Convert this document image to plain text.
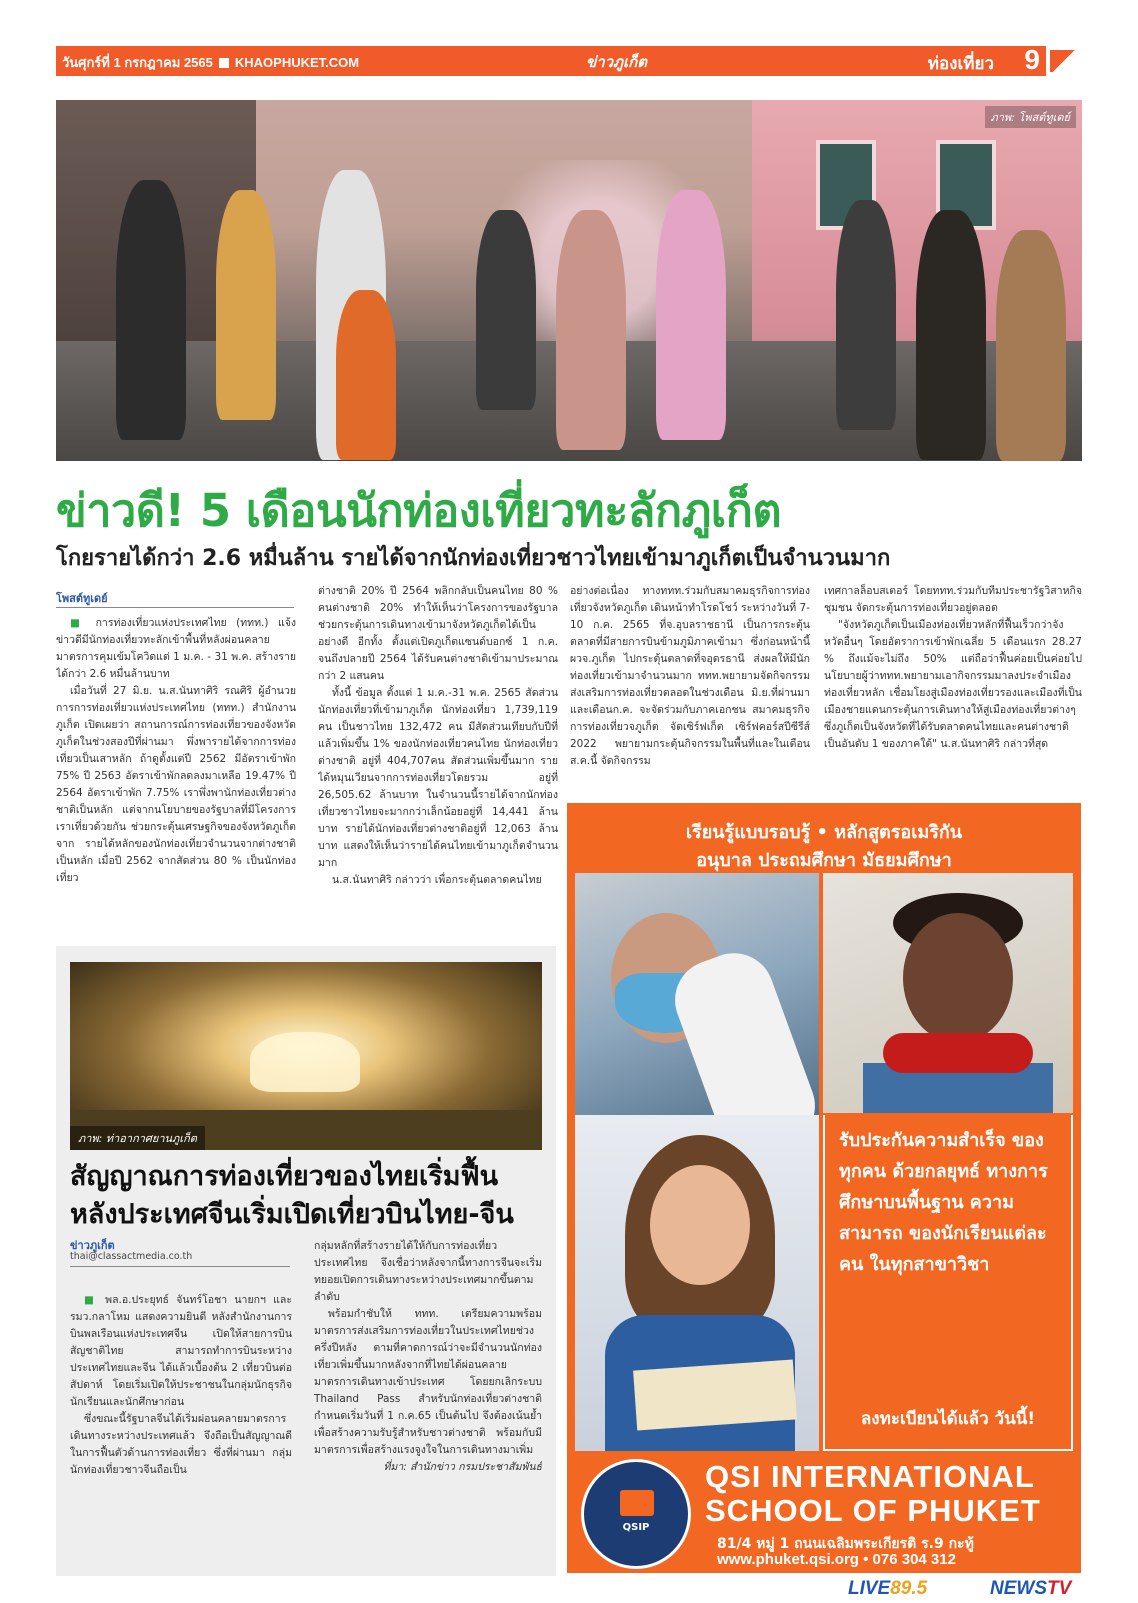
วันศุกร์ที่ 1 กรกฎาคม 2565 KHAOPHUKET.COM	ข่าวภูเก็ต	ท่องเที่ยว 9
ภาพ: โพสต์ทูเดย์
ข่าวดี! 5 เดือนนักท่องเที่ยวทะลักภูเก็ต
โกยรายได้กว่า 2.6 หมื่นล้าน รายได้จากนักท่องเที่ยวชาวไทยเข้ามาภูเก็ตเป็นจำนวนมาก
โพสต์ทูเดย์

■ การท่องเที่ยวแห่งประเทศไทย (ททท.) แจ้งข่าวดีมีนักท่องเที่ยวทะลักเข้าพื้นที่หลังผ่อนคลายมาตรการคุมเข้มโควิดแต่ 1 ม.ค. - 31 พ.ค. สร้างรายได้กว่า 2.6 หมื่นล้านบาท

เมื่อวันที่ 27 มิ.ย. น.ส.นันทาศิริ รณศิริ ผู้อำนวยการการท่องเที่ยวแห่งประเทศไทย (ททท.) สำนักงานภูเก็ต เปิดเผยว่า สถานการณ์การท่องเที่ยวของจังหวัดภูเก็ตในช่วงสองปีที่ผ่านมา พึ่งพารายได้จากการท่องเที่ยวเป็นเสาหลัก ถ้าดูตั้งแต่ปี 2562 มีอัตราเข้าพัก 75% ปี 2563 อัตราเข้าพักลดลงมาเหลือ 19.47% ปี 2564 อัตราเข้าพัก 7.75% เราพึ่งพานักท่องเที่ยวต่างชาติเป็นหลัก แต่จากนโยบายของรัฐบาลที่มีโครงการเราเที่ยวด้วยกัน ช่วยกระตุ้นเศรษฐกิจของจังหวัดภูเก็ตจาก รายได้หลักของนักท่องเที่ยวจำนวนจากต่างชาติเป็นหลัก เมื่อปี 2562 จากสัดส่วน 80 % เป็นนักท่องเที่ยว

ต่างชาติ 20% ปี 2564 พลิกกลับเป็นคนไทย 80 % คนต่างชาติ 20% ทำให้เห็นว่าโครงการของรัฐบาลช่วยกระตุ้นการเดินทางเข้ามาจังหวัดภูเก็ตได้เป็นอย่างดี อีกทั้ง ตั้งแต่เปิดภูเก็ตแซนด์บอกซ์ 1 ก.ค. จนถึงปลายปี 2564 ได้รับคนต่างชาติเข้ามาประมาณกว่า 2 แสนคน

ทั้งนี้ ข้อมูล ตั้งแต่ 1 ม.ค.-31 พ.ค. 2565 สัดส่วนนักท่องเที่ยวที่เข้ามาภูเก็ต นักท่องเที่ยว 1,739,119 คน เป็นชาวไทย 132,472 คน มีสัดส่วนเทียบกับปีที่แล้วเพิ่มขึ้น 1% ของนักท่องเที่ยวคนไทย นักท่องเที่ยวต่างชาติ อยู่ที่ 404,707คน สัดส่วนเพิ่มขึ้นมาก รายได้หมุนเวียนจากการท่องเที่ยวโดยรวม อยู่ที่ 26,505.62 ล้านบาท ในจำนวนนี้รายได้จากนักท่องเที่ยวชาวไทยจะมากกว่าเล็กน้อยอยู่ที่ 14,441 ล้านบาท รายได้นักท่องเที่ยวต่างชาติอยู่ที่ 12,063 ล้านบาท แสดงให้เห็นว่ารายได้คนไทยเข้ามาภูเก็ตจำนวนมาก

น.ส.นันทาศิริ กล่าวว่า เพื่อกระตุ้นตลาดคนไทย

อย่างต่อเนื่อง ทางททท.ร่วมกับสมาคมธุรกิจการท่องเที่ยวจังหวัดภูเก็ต เดินหน้าทำโรดโชว์ ระหว่างวันที่ 7-10 ก.ค. 2565 ที่จ.อุบลราชธานี เป็นการกระตุ้นตลาดที่มีสายการบินข้ามภูมิภาคเข้ามา ซึ่งก่อนหน้านี้ ผวจ.ภูเก็ต ไปกระตุ้นตลาดที่จอุดรธานี ส่งผลให้มีนักท่องเที่ยวเข้ามาจำนวนมาก ททท.พยายามจัดกิจกรรมส่งเสริมการท่องเที่ยวตลอดในช่วงเดือน มิ.ย.ที่ผ่านมา และเดือนก.ค. จะจัดร่วมกับภาคเอกชน สมาคมธุรกิจการท่องเที่ยวจภูเก็ต จัดเซิร์ฟเก็ต เซิร์ฟคอร์สปีซีรีส์ 2022 พยายามกระตุ้นกิจกรรมในพื้นที่และในเดือนส.ค.นี้ จัดกิจกรรม

เทศกาลล็อบสเตอร์ โดยททท.ร่วมกับทีมประชารัฐวิสาหกิจชุมชน จัดกระตุ้นการท่องเที่ยวอยู่ตลอด

"จังหวัดภูเก็ตเป็นเมืองท่องเที่ยวหลักที่ฟื้นเร็วกว่าจังหวัดอื่นๆ โดยอัตราการเข้าพักเฉลี่ย 5 เดือนแรก 28.27 % ถึงแม้จะไม่ถึง 50% แต่ถือว่าฟื้นค่อยเป็นค่อยไป นโยบายผู้ว่าททท.พยายามเอากิจกรรมมาลงประจำเมืองท่องเที่ยวหลัก เชื่อมโยงสู่เมืองท่องเที่ยวรองและเมืองที่เป็นเมืองชายแดนกระตุ้นการเดินทางให้สู่เมืองท่องเที่ยวต่างๆ ซึ่งภูเก็ตเป็นจังหวัดที่ได้รับตลาดคนไทยและคนต่างชาติ เป็นอันดับ 1 ของภาคใต้" น.ส.นันทาศิริ กล่าวที่สุด

ภาพ: ท่าอากาศยานภูเก็ต
สัญญาณการท่องเที่ยวของไทยเริ่มฟื้น
หลังประเทศจีนเริ่มเปิดเที่ยวบินไทย-จีน
ข่าวภูเก็ต
thai@classactmedia.co.th

■ พล.อ.ประยุทธ์ จันทร์โอชา นายกฯ และ รมว.กลาโหม แสดงความยินดี หลังสำนักงานการบินพลเรือนแห่งประเทศจีน เปิดให้สายการบินสัญชาติไทย สามารถทำการบินระหว่างประเทศไทยและจีน ได้แล้วเบื้องต้น 2 เที่ยวบินต่อสัปดาห์ โดยเริ่มเปิดให้ประชาชนในกลุ่มนักธุรกิจ นักเรียนและนักศึกษาก่อน

ซึ่งขณะนี้รัฐบาลจีนได้เริ่มผ่อนคลายมาตรการเดินทางระหว่างประเทศแล้ว จึงถือเป็นสัญญาณดีในการฟื้นตัวด้านการท่องเที่ยว ซึ่งที่ผ่านมา กลุ่มนักท่องเที่ยวชาวจีนถือเป็น

กลุ่มหลักที่สร้างรายได้ให้กับการท่องเที่ยวประเทศไทย จึงเชื่อว่าหลังจากนี้ทางการจีนจะเริ่มทยอยเปิดการเดินทางระหว่างประเทศมากขึ้นตามลำดับ

พร้อมกำชับให้ ททท. เตรียมความพร้อมมาตรการส่งเสริมการท่องเที่ยวในประเทศไทยช่วงครึ่งปีหลัง ตามที่คาดการณ์ว่าจะมีจำนวนนักท่องเที่ยวเพิ่มขึ้นมากหลังจากที่ไทยได้ผ่อนคลายมาตรการเดินทางเข้าประเทศ โดยยกเลิกระบบ Thailand Pass สำหรับนักท่องเที่ยวต่างชาติกำหนดเริ่มวันที่ 1 ก.ค.65 เป็นต้นไป จึงต้องเน้นย้ำเพื่อสร้างความรับรู้สำหรับชาวต่างชาติ พร้อมกับมีมาตรการเพื่อสร้างแรงจูงใจในการเดินทางมาเพิ่ม

ที่มา: สำนักข่าว กรมประชาสัมพันธ์

เรียนรู้แบบรอบรู้ • หลักสูตรอเมริกัน
อนุบาล ประถมศึกษา มัธยมศึกษา
รับประกันความสำเร็จ ของทุกคน ด้วยกลยุทธ์ ทางการศึกษาบนพื้นฐาน ความสามารถ ของนักเรียนแต่ละคน ในทุกสาขาวิชา
ลงทะเบียนได้แล้ว วันนี้!
QSIP
QSI INTERNATIONAL
SCHOOL OF PHUKET
81/4 หมู่ 1 ถนนเฉลิมพระเกียรติ ร.9 กะทู้
www.phuket.qsi.org • 076 304 312
LIVE89.5	NEWSTV
